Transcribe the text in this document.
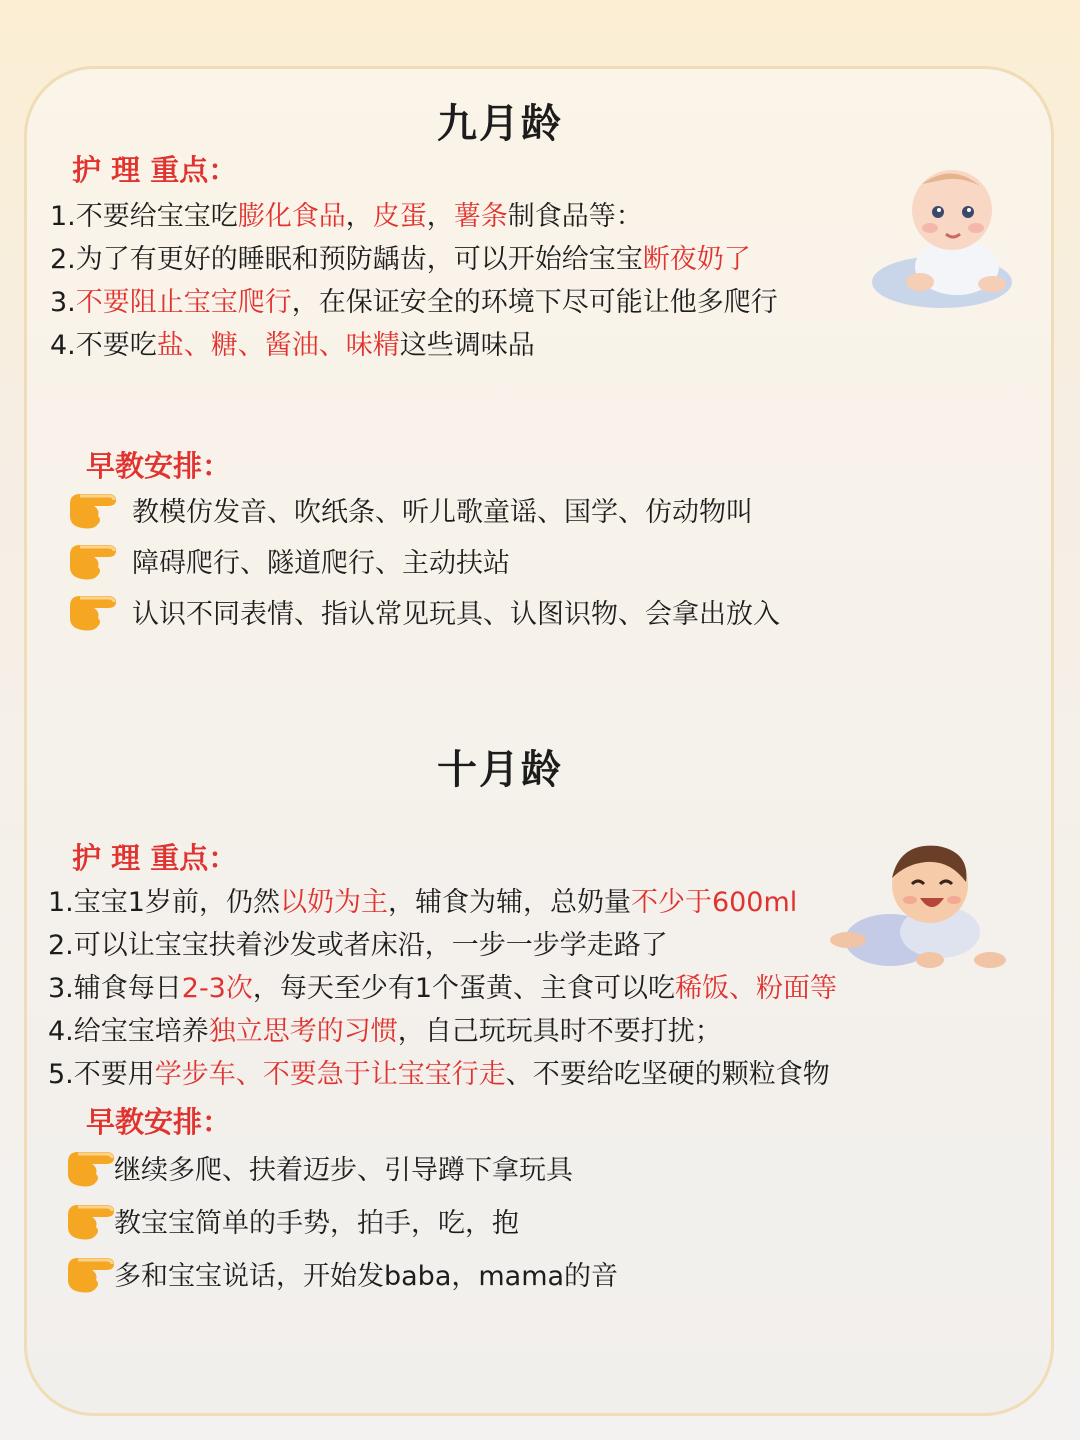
九月龄
护 理 重点：
1.不要给宝宝吃膨化食品，皮蛋，薯条制食品等：
2.为了有更好的睡眠和预防龋齿，可以开始给宝宝断夜奶了
3.不要阻止宝宝爬行，在保证安全的环境下尽可能让他多爬行
4.不要吃盐、糖、酱油、味精这些调味品
早教安排：
教模仿发音、吹纸条、听儿歌童谣、国学、仿动物叫
障碍爬行、隧道爬行、主动扶站
认识不同表情、指认常见玩具、认图识物、会拿出放入
十月龄
护 理 重点：
1.宝宝1岁前，仍然以奶为主，辅食为辅，总奶量不少于600ml
2.可以让宝宝扶着沙发或者床沿，一步一步学走路了
3.辅食每日2-3次，每天至少有1个蛋黄、主食可以吃稀饭、粉面等
4.给宝宝培养独立思考的习惯，自己玩玩具时不要打扰；
5.不要用学步车、不要急于让宝宝行走、不要给吃坚硬的颗粒食物
早教安排：
继续多爬、扶着迈步、引导蹲下拿玩具
教宝宝简单的手势，拍手，吃，抱
多和宝宝说话，开始发baba，mama的音
